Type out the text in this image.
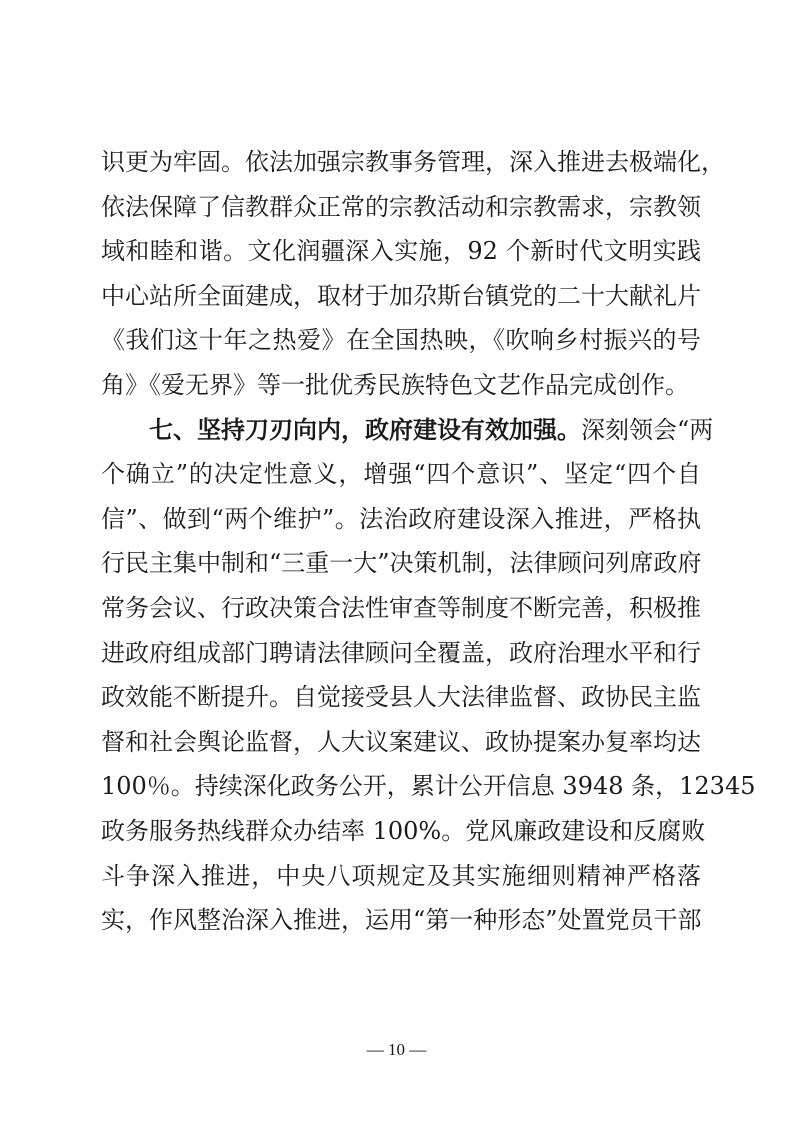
识更为牢固。依法加强宗教事务管理，深入推进去极端化，
依法保障了信教群众正常的宗教活动和宗教需求，宗教领
域和睦和谐。文化润疆深入实施，92 个新时代文明实践
中心站所全面建成，取材于加尕斯台镇党的二十大献礼片
《我们这十年之热爱》在全国热映，《吹响乡村振兴的号
角》《爱无界》等一批优秀民族特色文艺作品完成创作。
七、坚持刀刃向内，政府建设有效加强。深刻领会“两
个确立”的决定性意义，增强“四个意识”、坚定“四个自
信”、做到“两个维护”。法治政府建设深入推进，严格执
行民主集中制和“三重一大”决策机制，法律顾问列席政府
常务会议、行政决策合法性审查等制度不断完善，积极推
进政府组成部门聘请法律顾问全覆盖，政府治理水平和行
政效能不断提升。自觉接受县人大法律监督、政协民主监
督和社会舆论监督，人大议案建议、政协提案办复率均达
100％。持续深化政务公开，累计公开信息 3948 条，12345
政务服务热线群众办结率 100%。党风廉政建设和反腐败
斗争深入推进，中央八项规定及其实施细则精神严格落
实，作风整治深入推进，运用“第一种形态”处置党员干部
— 10 —
